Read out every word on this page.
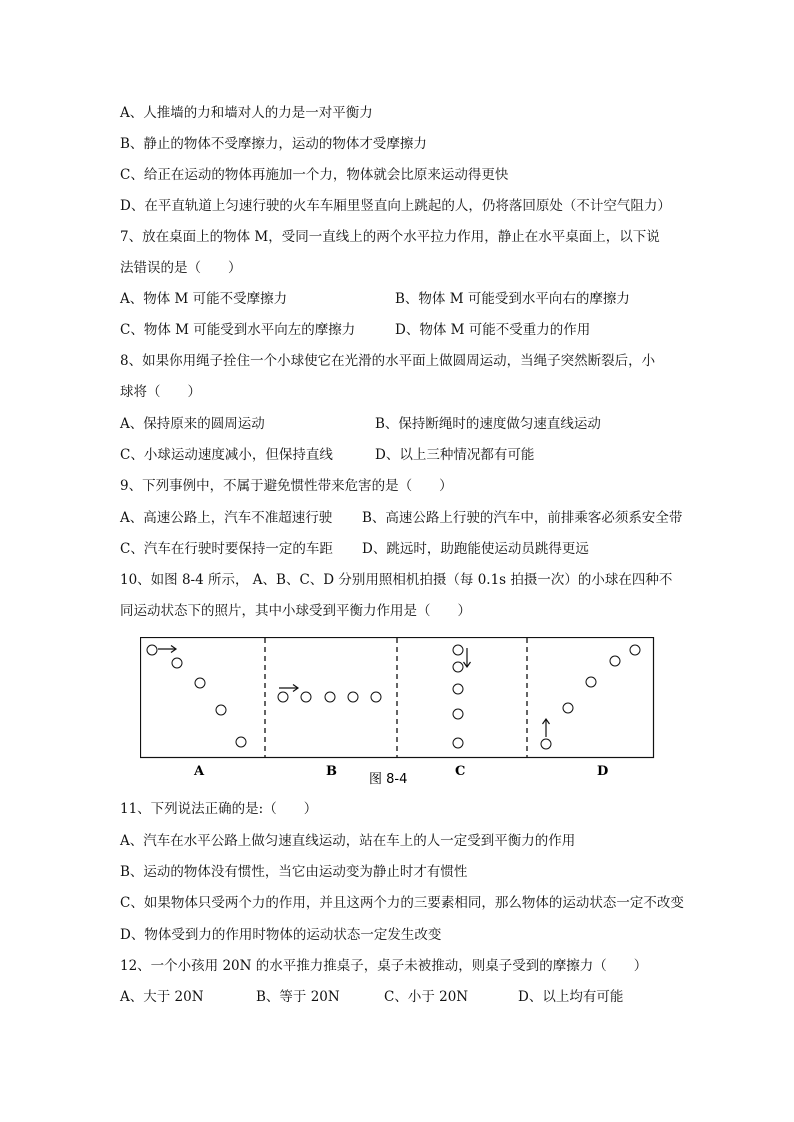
A、人推墙的力和墙对人的力是一对平衡力
B、静止的物体不受摩擦力，运动的物体才受摩擦力
C、给正在运动的物体再施加一个力，物体就会比原来运动得更快
D、在平直轨道上匀速行驶的火车车厢里竖直向上跳起的人，仍将落回原处（不计空气阻力）
7、放在桌面上的物体 M，受同一直线上的两个水平拉力作用，静止在水平桌面上，以下说
法错误的是（　　）
A、物体 M 可能不受摩擦力	B、物体 M 可能受到水平向右的摩擦力
C、物体 M 可能受到水平向左的摩擦力	D、物体 M 可能不受重力的作用
8、如果你用绳子拴住一个小球使它在光滑的水平面上做圆周运动，当绳子突然断裂后，小
球将（　　）
A、保持原来的圆周运动	B、保持断绳时的速度做匀速直线运动
C、小球运动速度减小，但保持直线	D、以上三种情况都有可能
9、下列事例中，不属于避免惯性带来危害的是（　　）
A、高速公路上，汽车不准超速行驶 B、高速公路上行驶的汽车中，前排乘客必须系安全带
C、汽车在行驶时要保持一定的车距 D、跳远时，助跑能使运动员跳得更远
10、如图 8-4 所示， A、B、C、D 分别用照相机拍摄（每 0.1s 拍摄一次）的小球在四种不
同运动状态下的照片，其中小球受到平衡力作用是（　　）
A	B	C	D
图 8-4
11、下列说法正确的是:（　　）
A、汽车在水平公路上做匀速直线运动，站在车上的人一定受到平衡力的作用
B、运动的物体没有惯性，当它由运动变为静止时才有惯性
C、如果物体只受两个力的作用，并且这两个力的三要素相同，那么物体的运动状态一定不改变
D、物体受到力的作用时物体的运动状态一定发生改变
12、一个小孩用 20N 的水平推力推桌子，桌子未被推动，则桌子受到的摩擦力（　　）
A、大于 20N	B、等于 20N	C、小于 20N	D、以上均有可能
